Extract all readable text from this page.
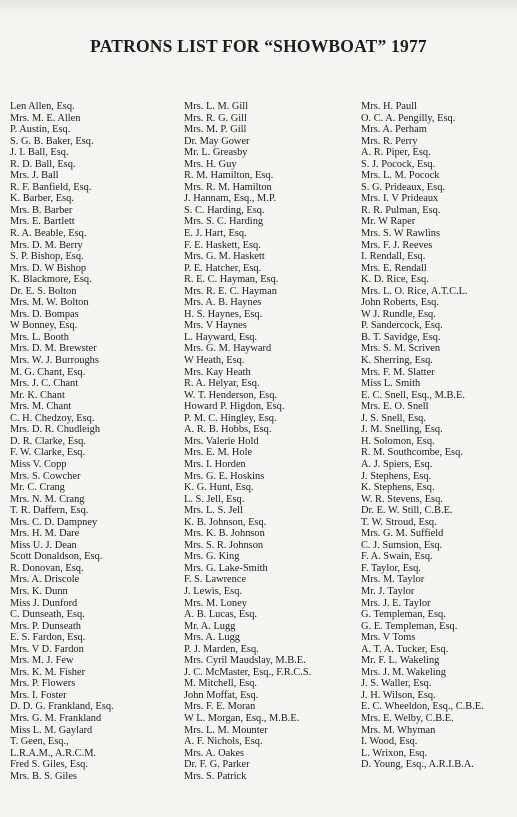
PATRONS LIST FOR “SHOWBOAT” 1977
Len Allen, Esq.
Mrs. M. E. Allen
P. Austin, Esq.
S. G. B. Baker, Esq.
J. I. Ball, Esq.
R. D. Ball, Esq.
Mrs. J. Ball
R. F. Banfield, Esq.
K. Barber, Esq.
Mrs. B. Barber
Mrs. E. Bartlett
R. A. Beable, Esq.
Mrs. D. M. Berry
S. P. Bishop, Esq.
Mrs. D. W Bishop
K. Blackmore, Esq.
Dr. E. S. Bolton
Mrs. M. W. Bolton
Mrs. D. Bompas
W Bonney, Esq.
Mrs. L. Booth
Mrs. D. M. Brewster
Mrs. W. J. Burroughs
M. G. Chant, Esq.
Mrs. J. C. Chant
Mr. K. Chant
Mrs. M. Chant
C. H. Chedzoy, Esq.
Mrs. D. R. Chudleigh
D. R. Clarke, Esq.
F. W. Clarke, Esq.
Miss V. Copp
Mrs. S. Cowcher
Mr. C. Crang
Mrs. N. M. Crang
T. R. Daffern, Esq.
Mrs. C. D. Dampney
Mrs. H. M. Dare
Miss U. J. Dean
Scott Donaldson, Esq.
R. Donovan, Esq.
Mrs. A. Driscole
Mrs. K. Dunn
Miss J. Dunford
C. Dunseath, Esq.
Mrs. P. Dunseath
E. S. Fardon, Esq.
Mrs. V D. Fardon
Mrs. M. J. Few
Mrs. K. M. Fisher
Mrs. P. Flowers
Mrs. I. Foster
D. D. G. Frankland, Esq.
Mrs. G. M. Frankland
Miss L. M. Gaylard
T. Geen, Esq.,
L.R.A.M., A.R.C.M.
Fred S. Giles, Esq.
Mrs. B. S. Giles
Mrs. L. M. Gill
Mrs. R. G. Gill
Mrs. M. P. Gill
Dr. May Gower
Mr. L. Greasby
Mrs. H. Guy
R. M. Hamilton, Esq.
Mrs. R. M. Hamilton
J. Hannam, Esq., M.P.
S. C. Harding, Esq.
Mrs. S. C. Harding
E. J. Hart, Esq.
F. E. Haskett, Esq.
Mrs. G. M. Haskett
P. E. Hatcher, Esq.
R. E. C. Hayman, Esq.
Mrs. R. E. C. Hayman
Mrs. A. B. Haynes
H. S. Haynes, Esq.
Mrs. V Haynes
L. Hayward, Esq.
Mrs. G. M. Hayward
W Heath, Esq.
Mrs. Kay Heath
R. A. Helyar, Esq.
W. T. Henderson, Esq.
Howard P. Higdon, Esq.
P. M. C. Hingley, Esq.
A. R. B. Hobbs, Esq.
Mrs. Valerie Hold
Mrs. E. M. Hole
Mrs. I. Horden
Mrs. G. E. Hoskins
K. G. Hunt, Esq.
L. S. Jell, Esq.
Mrs. L. S. Jell
K. B. Johnson, Esq.
Mrs. K. B. Johnson
Mrs. S. R. Johnson
Mrs. G. King
Mrs. G. Lake-Smith
F. S. Lawrence
J. Lewis, Esq.
Mrs. M. Loney
A. B. Lucas, Esq.
Mr. A. Lugg
Mrs. A. Lugg
P. J. Marden, Esq.
Mrs. Cyril Maudslay, M.B.E.
J. C. McMaster, Esq., F.R.C.S.
M. Mitchell, Esq.
John Moffat, Esq.
Mrs. F. E. Moran
W L. Morgan, Esq., M.B.E.
Mrs. L. M. Mounter
A. F. Nichols, Esq.
Mrs. A. Oakes
Dr. F. G. Parker
Mrs. S. Patrick
Mrs. H. Paull
O. C. A. Pengilly, Esq.
Mrs. A. Perham
Mrs. R. Perry
A. R. Piper, Esq.
S. J. Pocock, Esq.
Mrs. L. M. Pocock
S. G. Prideaux, Esq.
Mrs. I. V Prideaux
R. R. Pulman, Esq.
Mr. W Raper
Mrs. S. W Rawlins
Mrs. F. J. Reeves
I. Rendall, Esq.
Mrs. E. Rendall
K. D. Rice, Esq.
Mrs. L. O. Rice, A.T.C.L.
John Roberts, Esq.
W J. Rundle, Esq.
P. Sandercock, Esq.
B. T. Savidge, Esq.
Mrs. S. M. Scriven
K. Sherring, Esq.
Mrs. F. M. Slatter
Miss L. Smith
E. C. Snell, Esq., M.B.E.
Mrs. E. O. Snell
J. S. Snell, Esq.
J. M. Snelling, Esq.
H. Solomon, Esq.
R. M. Southcombe, Esq.
A. J. Spiers, Esq.
J. Stephens, Esq.
K. Stephens, Esq.
W. R. Stevens, Esq.
Dr. E. W. Still, C.B.E.
T. W. Stroud, Esq.
Mrs. G. M. Suffield
C. J. Sumsion, Esq.
F. A. Swain, Esq.
F. Taylor, Esq.
Mrs. M. Taylor
Mr. J. Taylor
Mrs. J. E. Taylor
G. Templeman, Esq.
G. E. Templeman, Esq.
Mrs. V Toms
A. T. A. Tucker, Esq.
Mr. F. L. Wakeling
Mrs. J. M. Wakeling
J. S. Waller, Esq.
J. H. Wilson, Esq.
E. C. Wheeldon, Esq., C.B.E.
Mrs. E. Welby, C.B.E.
Mrs. M. Whyman
I. Wood, Esq.
L. Wrixon, Esq.
D. Young, Esq., A.R.I.B.A.
